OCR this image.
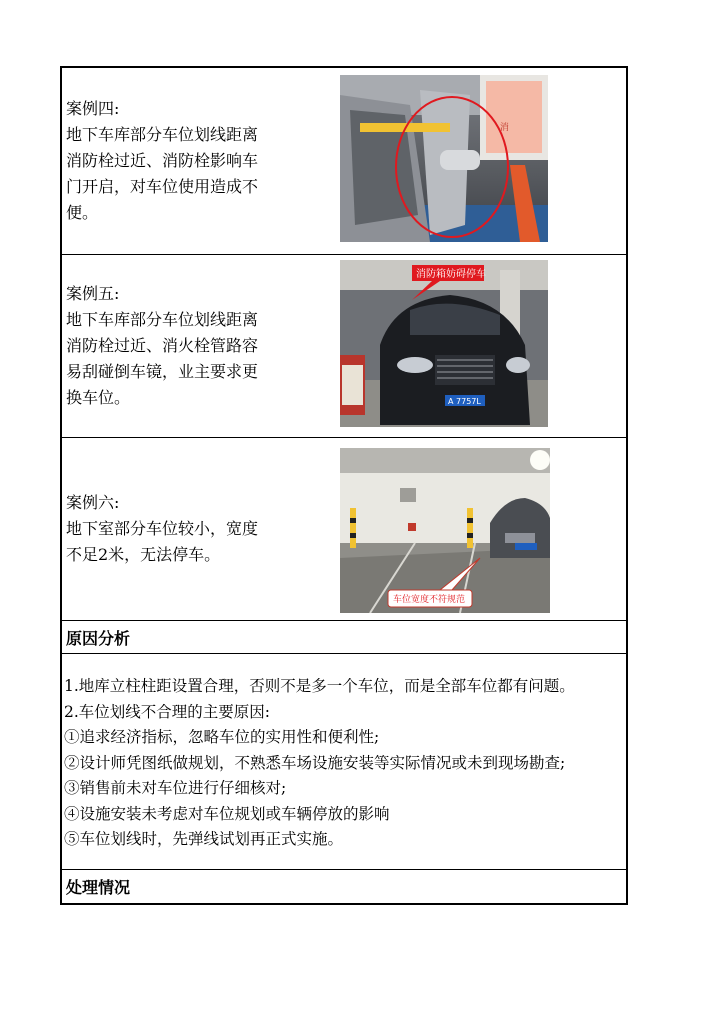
案例四:
地下车库部分车位划线距离
消防栓过近、消防栓影响车
门开启，对车位使用造成不
便。
消
案例五:
地下车库部分车位划线距离
消防栓过近、消火栓管路容
易刮碰倒车镜，业主要求更
换车位。	A 7757L
消防箱妨碍停车
案例六:
地下室部分车位较小，宽度
不足2米，无法停车。
车位宽度不符规范
原因分析
1.地库立柱柱距设置合理，否则不是多一个车位，而是全部车位都有问题。
2.车位划线不合理的主要原因:
①追求经济指标，忽略车位的实用性和便利性;
②设计师凭图纸做规划，不熟悉车场设施安装等实际情况或未到现场勘查;
③销售前未对车位进行仔细核对;
④设施安装未考虑对车位规划或车辆停放的影响
⑤车位划线时，先弹线试划再正式实施。
处理情况
